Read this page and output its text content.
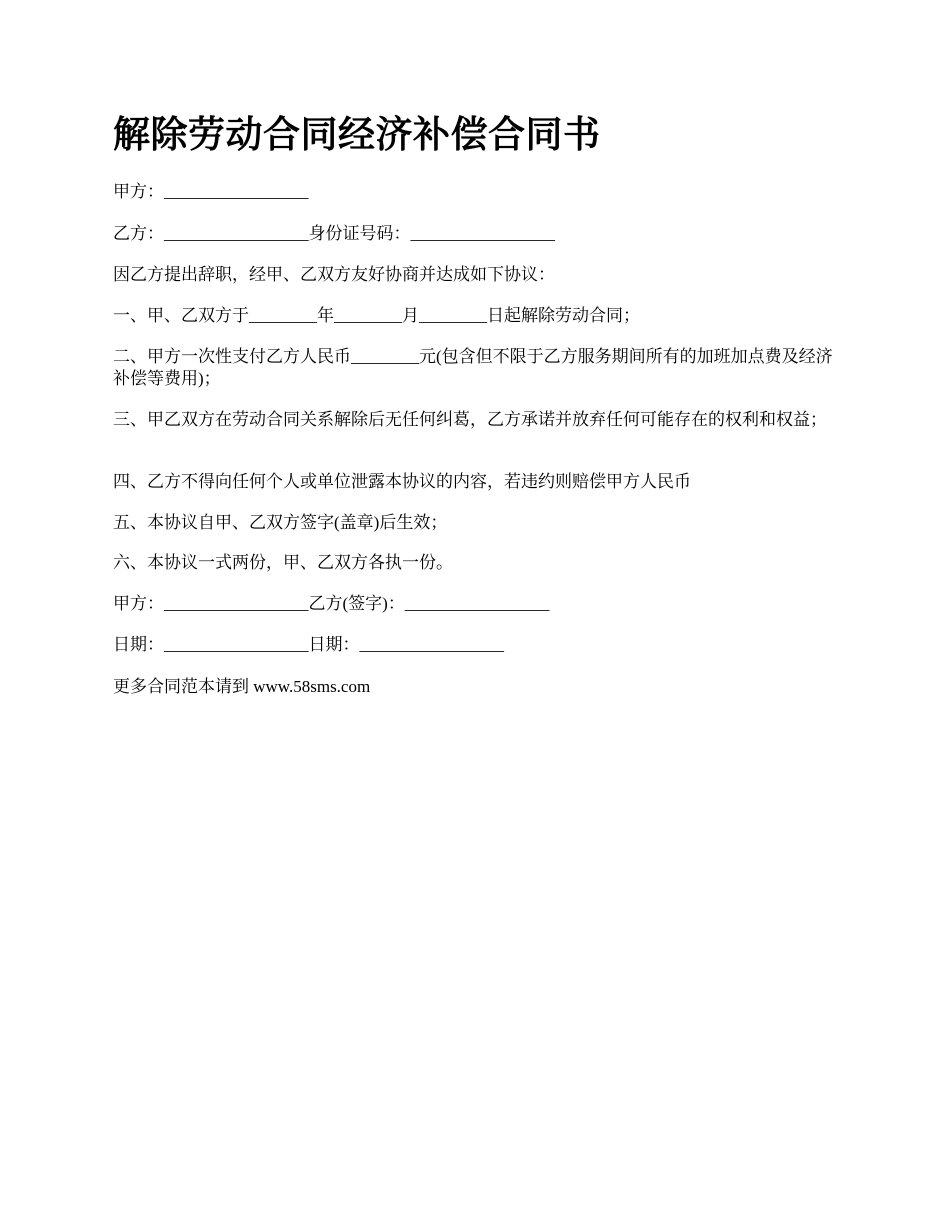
解除劳动合同经济补偿合同书

甲方：_________________

乙方：_________________身份证号码：_________________

因乙方提出辞职，经甲、乙双方友好协商并达成如下协议：

一、甲、乙双方于________年________月________日起解除劳动合同；

二、甲方一次性支付乙方人民币________元(包含但不限于乙方服务期间所有的加班加点费及经济补偿等费用)；

三、甲乙双方在劳动合同关系解除后无任何纠葛，乙方承诺并放弃任何可能存在的权利和权益；

四、乙方不得向任何个人或单位泄露本协议的内容，若违约则赔偿甲方人民币

五、本协议自甲、乙双方签字(盖章)后生效；

六、本协议一式两份，甲、乙双方各执一份。

甲方：_________________乙方(签字)：_________________

日期：_________________日期：_________________

更多合同范本请到 www.58sms.com
